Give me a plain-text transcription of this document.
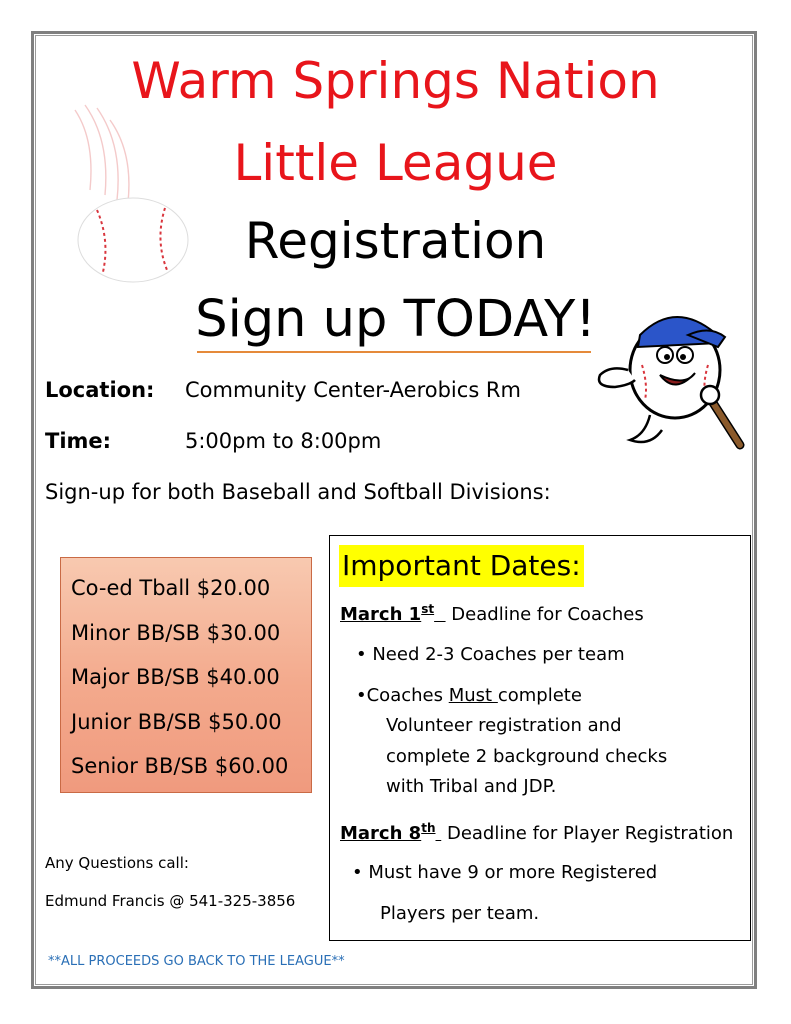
Warm Springs Nation
Little League
Registration
Sign up TODAY!
Location: Community Center-Aerobics Rm
Time:	5:00pm to 8:00pm
Sign-up for both Baseball and Softball Divisions:
Co-ed Tball $20.00
Minor BB/SB $30.00
Major BB/SB $40.00
Junior BB/SB $50.00
Senior BB/SB $60.00
Important Dates:
March 1st Deadline for Coaches
• Need 2-3 Coaches per team
•Coaches Must complete
Volunteer registration and
complete 2 background checks
with Tribal and JDP.
March 8th Deadline for Player Registration
• Must have 9 or more Registered
Players per team.
Any Questions call:
Edmund Francis @ 541-325-3856
**ALL PROCEEDS GO BACK TO THE LEAGUE**
